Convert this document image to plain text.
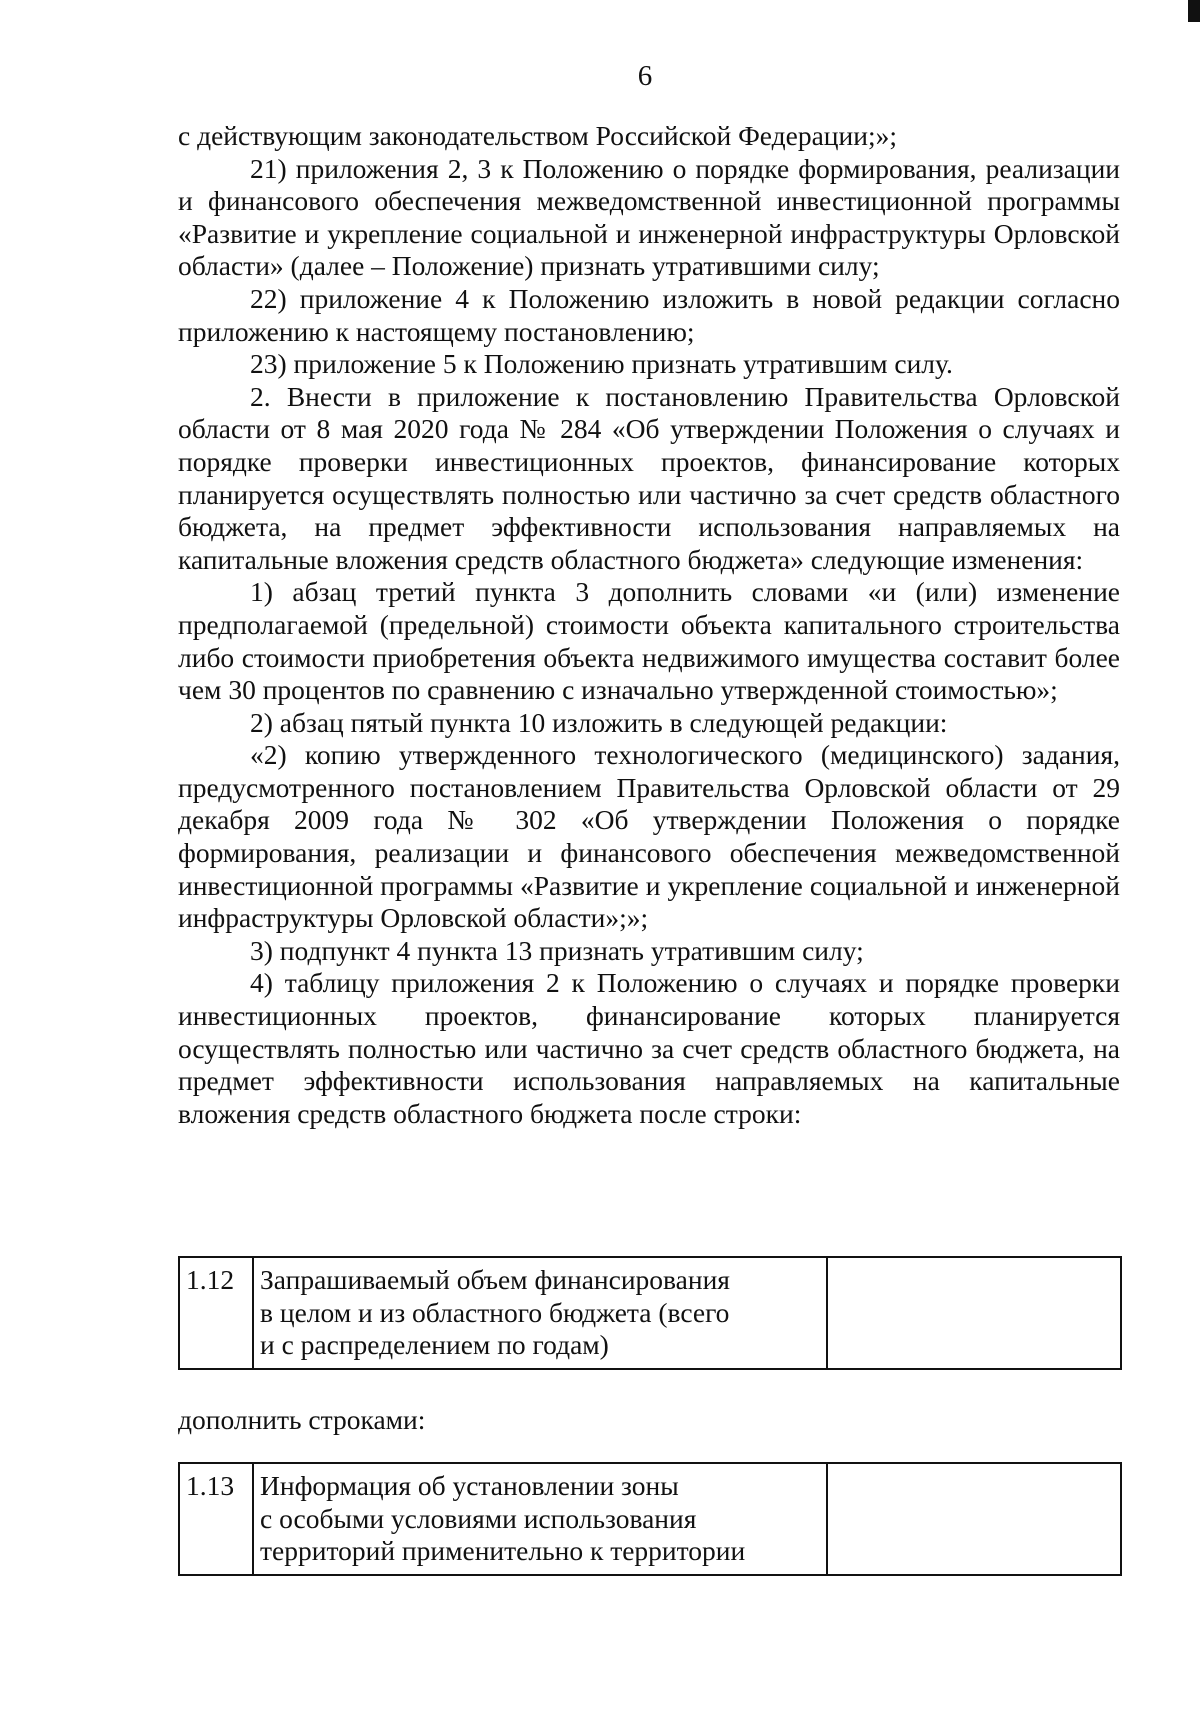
6

с действующим законодательством Российской Федерации;»;

21) приложения 2, 3 к Положению о порядке формирования, реализации и финансового обеспечения межведомственной инвестиционной программы «Развитие и укрепление социальной и инженерной инфраструктуры Орловской области» (далее – Положение) признать утратившими силу;

22) приложение 4 к Положению изложить в новой редакции согласно приложению к настоящему постановлению;

23) приложение 5 к Положению признать утратившим силу.

2. Внести в приложение к постановлению Правительства Орловской области от 8 мая 2020 года № 284 «Об утверждении Положения о случаях и порядке проверки инвестиционных проектов, финансирование которых планируется осуществлять полностью или частично за счет средств областного бюджета, на предмет эффективности использования направляемых на капитальные вложения средств областного бюджета» следующие изменения:

1) абзац третий пункта 3 дополнить словами «и (или) изменение предполагаемой (предельной) стоимости объекта капитального строительства либо стоимости приобретения объекта недвижимого имущества составит более чем 30 процентов по сравнению с изначально утвержденной стоимостью»;

2) абзац пятый пункта 10 изложить в следующей редакции:

«2) копию утвержденного технологического (медицинского) задания, предусмотренного постановлением Правительства Орловской области от 29 декабря 2009 года № 302 «Об утверждении Положения о порядке формирования, реализации и финансового обеспечения межведомственной инвестиционной программы «Развитие и укрепление социальной и инженерной инфраструктуры Орловской области»;»;

3) подпункт 4 пункта 13 признать утратившим силу;

4) таблицу приложения 2 к Положению о случаях и порядке проверки инвестиционных проектов, финансирование которых планируется осуществлять полностью или частично за счет средств областного бюджета, на предмет эффективности использования направляемых на капитальные вложения средств областного бюджета после строки:

1.12	Запрашиваемый объем финансирования
в целом и из областного бюджета (всего
и с распределением по годам)

дополнить строками:
1.13	Информация об установлении зоны
с особыми условиями использования
территорий применительно к территории
